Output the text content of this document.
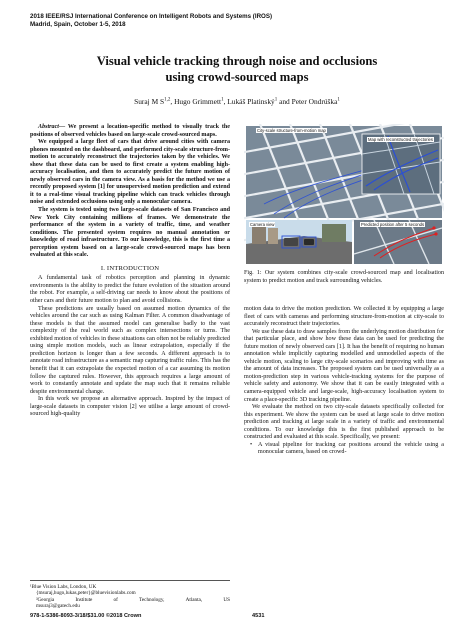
2018 IEEE/RSJ International Conference on Intelligent Robots and Systems (IROS)
Madrid, Spain, October 1-5, 2018
Visual vehicle tracking through noise and occlusions
using crowd-sourced maps
Suraj M S$^{1,2}$, Hugo Grimmett$^1$, Lukáš Platinský$^1$ and Peter Ondrúška$^1$

Abstract— We present a location-specific method to visually track the positions of observed vehicles based on large-scale crowd-sourced maps.

We equipped a large fleet of cars that drive around cities with camera phones mounted on the dashboard, and performed city-scale structure-from-motion to accurately reconstruct the trajectories taken by the vehicles. We show that these data can be used to first create a system enabling high-accuracy localisation, and then to accurately predict the future motion of newly observed cars in the camera view. As a basis for the method we use a recently proposed system [1] for unsupervised motion prediction and extend it to a real-time visual tracking pipeline which can track vehicles through noise and extended occlusions using only a monocular camera.

The system is tested using two large-scale datasets of San Francisco and New York City containing millions of frames. We demonstrate the performance of the system in a variety of traffic, time, and weather conditions. The presented system requires no manual annotation or knowledge of road infrastructure. To our knowledge, this is the first time a perception system based on a large-scale crowd-sourced maps has been evaluated at this scale.

I. INTRODUCTION

A fundamental task of robotics perception and planning in dynamic environments is the ability to predict the future evolution of the situation around the robot. For example, a self-driving car needs to know about the positions of other cars and their future motion to plan and avoid collisions.

These predictions are usually based on assumed motion dynamics of the vehicles around the car such as using Kalman Filter. A common disadvantage of these models is that the assumed model can generalise badly to the vast complexity of the real world such as complex intersections or turns. The exhibited motion of vehicles in these situations can often not be reliably predicted using simple motion models, such as linear extrapolation, especially if the prediction horizon is longer than a few seconds. A different approach is to annotate road infrastructure as a semantic map capturing traffic rules. This has the benefit that it can extrapolate the expected motion of a car assuming its motion follow the captured rules. However, this approach requires a large amount of work to constantly annotate and update the map such that it remains reliable despite environmental change.

In this work we propose an alternative approach. Inspired by the impact of large-scale datasets in computer vision [2] we utilise a large amount of crowd-sourced high-quality

¹Blue Vision Labs, London, UK
{msuraj,hugo,lukas,peter}@bluevisionlabs.com
²Georgia	Institute	of	Technology,	Atlanta,	US
msuraj3@gatech.edu
City-scale structure-from-motion map
Map with reconstructed trajectories
Camera view	Predicted position after 5 seconds
Fig. 1: Our system combines city-scale crowd-sourced map and localisation system to predict motion and track surrounding vehicles.

motion data to drive the motion prediction. We collected it by equipping a large fleet of cars with cameras and performing structure-from-motion at city-scale to accurately reconstruct their trajectories.

We use these data to draw samples from the underlying motion distribution for that particular place, and show how these data can be used for predicting the future motion of newly observed cars [1]. It has the benefit of requiring no human annotation while implicitly capturing modelled and unmodelled aspects of the vehicle motion, scaling to large city-scale scenarios and improving with time as the amount of data increases. The proposed system can be used universally as a motion-prediction step in various vehicle-tracking systems for the purpose of vehicle safety and autonomy. We show that it can be easily integrated with a camera-equipped vehicle and large-scale, high-accuracy localisation system to create a place-specific 3D tracking pipeline.

We evaluate the method on two city-scale datasets specifically collected for this experiment. We show the system can be used at large scale to drive motion prediction and tracking at large scale in a variety of traffic and environmental conditions. To our knowledge this is the first published approach to be constructed and evaluated at this scale. Specifically, we present:

• A visual pipeline for tracking car positions around the vehicle using a monocular camera, based on crowd-
978-1-5386-8093-3/18/$31.00 ©2018 Crown	4531
